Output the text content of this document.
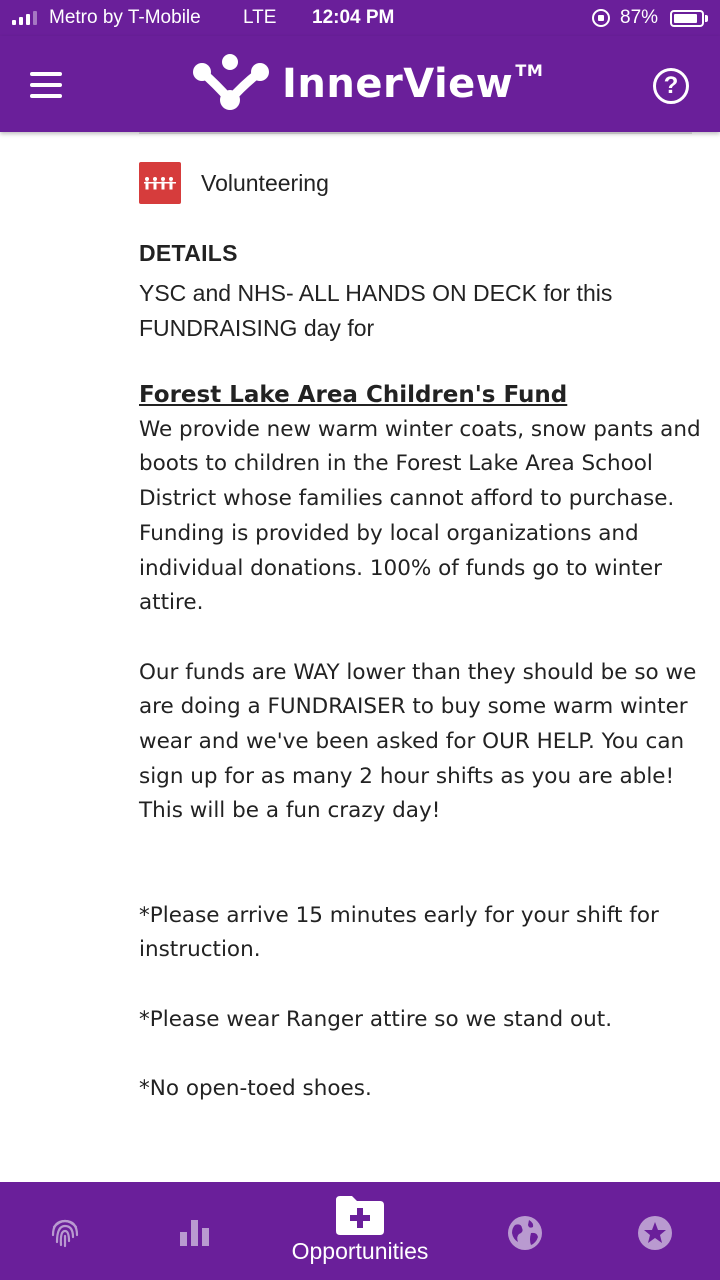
Metro by T-Mobile LTE 12:04 PM	87%
InnerView TM
?
Volunteering
DETAILS
YSC and NHS- ALL HANDS ON DECK for this FUNDRAISING day for

Forest Lake Area Children's Fund

We provide new warm winter coats, snow pants and boots to children in the Forest Lake Area School District whose families cannot afford to purchase. Funding is provided by local organizations and individual donations. 100% of funds go to winter attire.

Our funds are WAY lower than they should be so we are doing a FUNDRAISER to buy some warm winter wear and we've been asked for OUR HELP. You can sign up for as many 2 hour shifts as you are able! This will be a fun crazy day!

*Please arrive 15 minutes early for your shift for instruction.

*Please wear Ranger attire so we stand out.

*No open-toed shoes.

Opportunities
